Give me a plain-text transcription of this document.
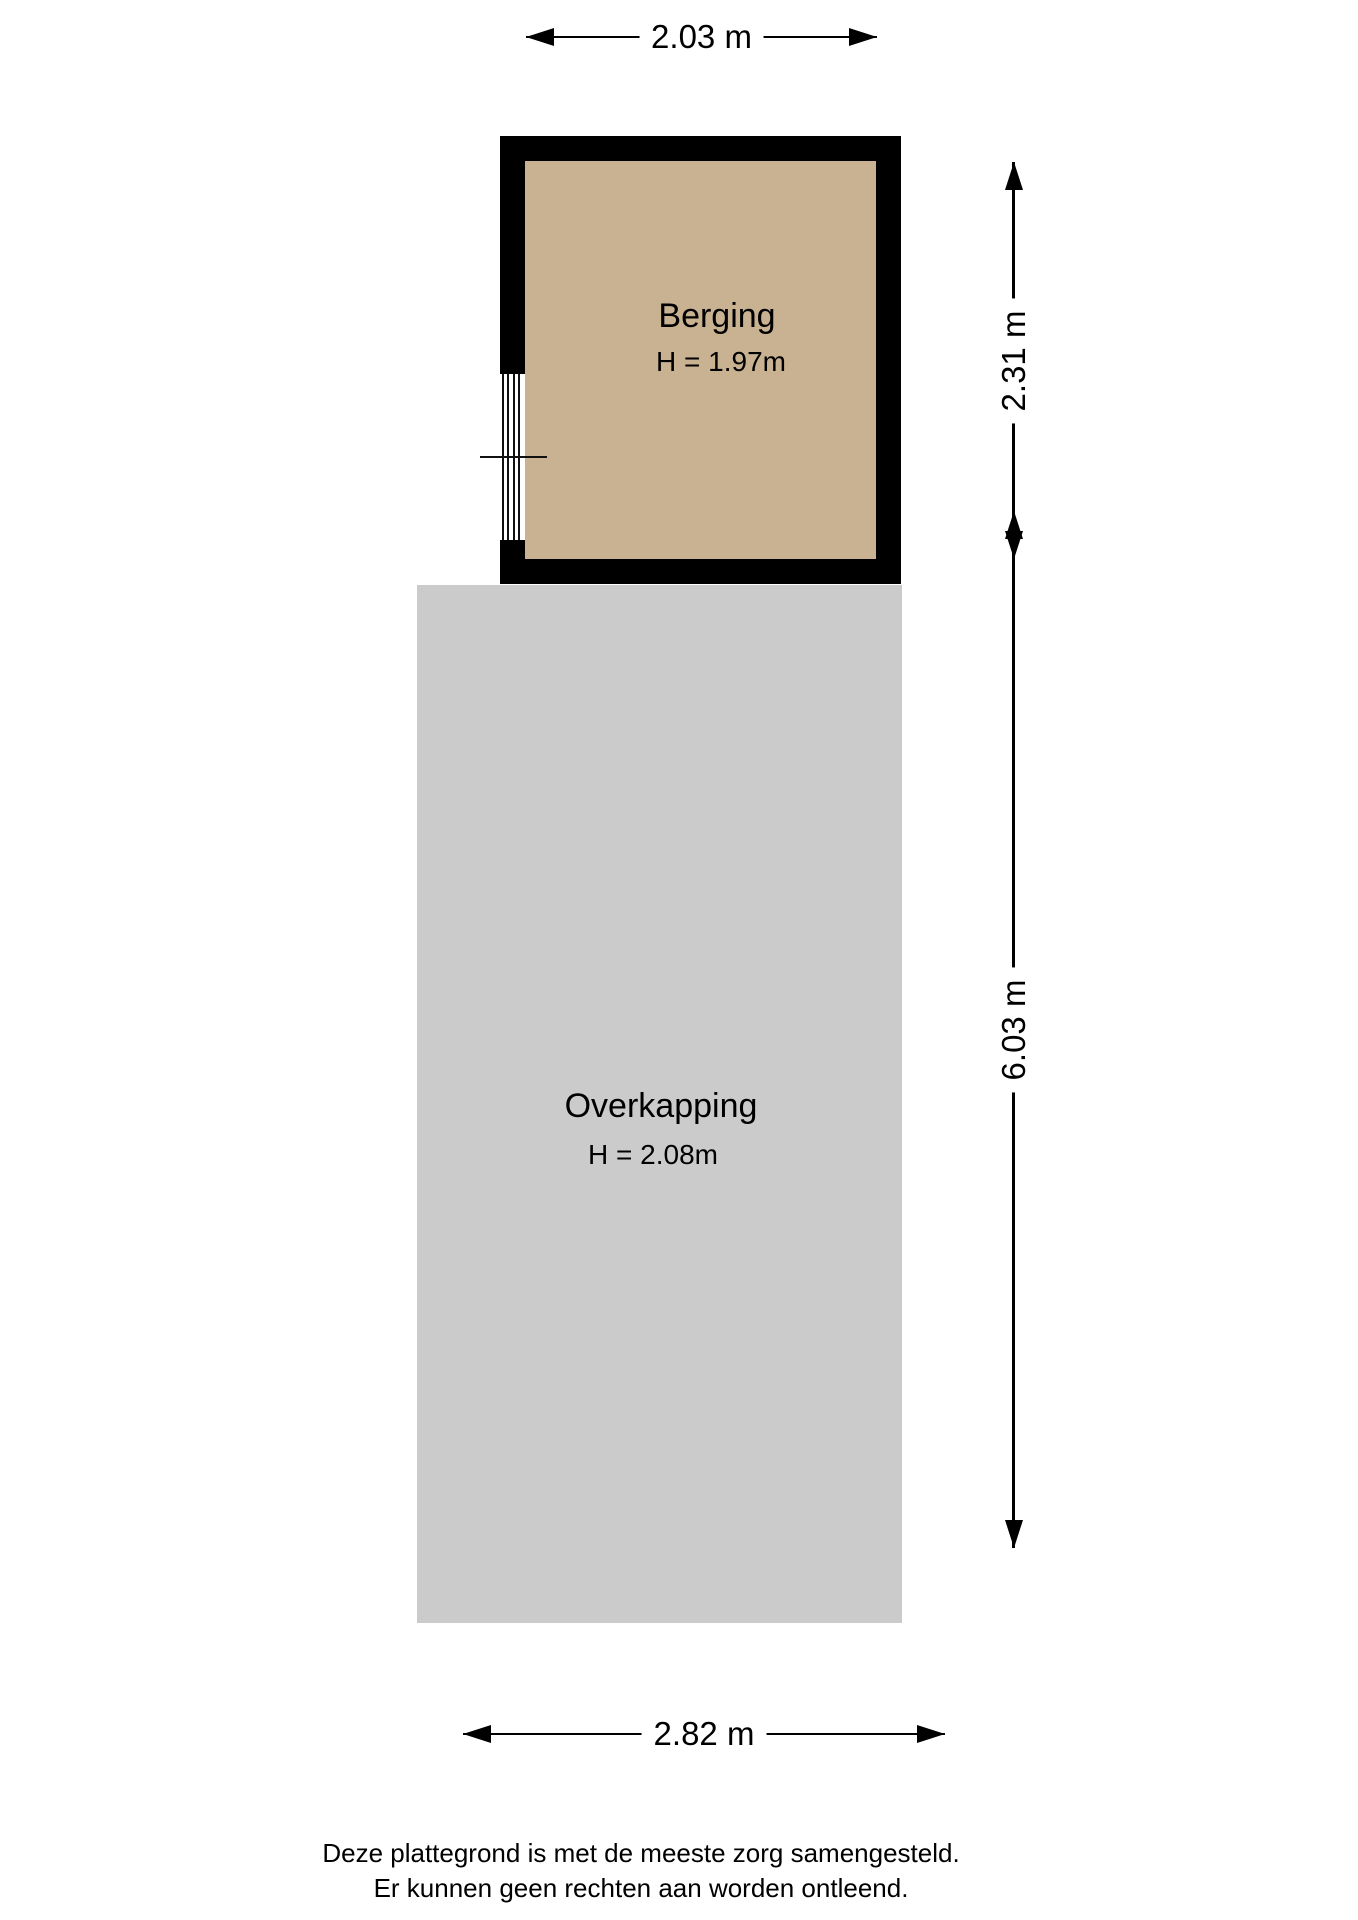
Berging
H = 1.97m
Overkapping
H = 2.08m
2.03 m
2.31 m
6.03 m
2.82 m
Deze plattegrond is met de meeste zorg samengesteld.
Er kunnen geen rechten aan worden ontleend.
